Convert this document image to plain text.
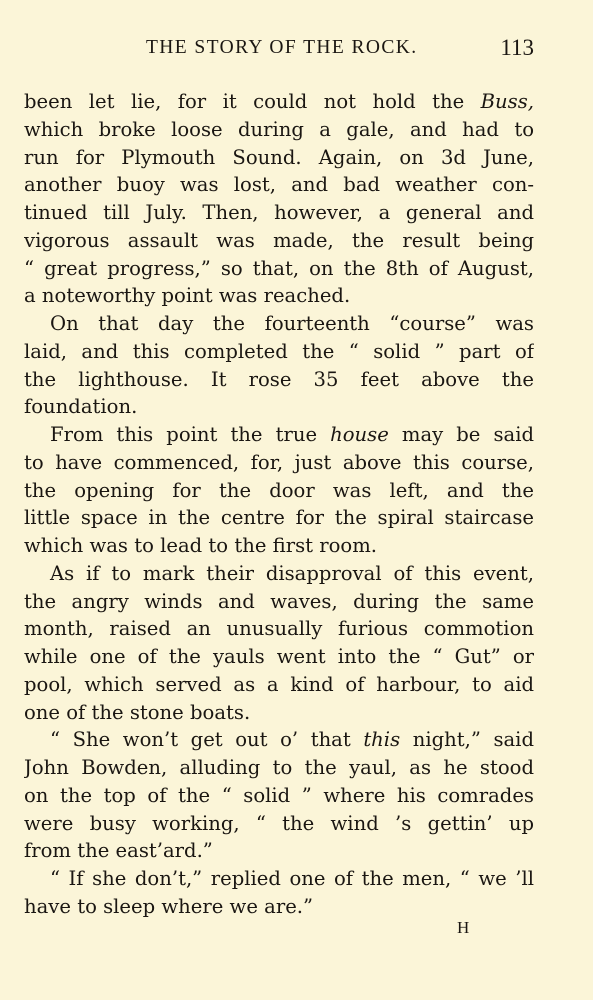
THE STORY OF THE ROCK.	113
been let lie, for it could not hold the Buss,
which broke loose during a gale, and had to
run for Plymouth Sound. Again, on 3d June,
another buoy was lost, and bad weather con-
tinued till July. Then, however, a general and
vigorous assault was made, the result being
“ great progress,” so that, on the 8th of August,
a noteworthy point was reached.
On that day the fourteenth “course” was
laid, and this completed the “ solid ” part of
the lighthouse. It rose 35 feet above the
foundation.
From this point the true house may be said
to have commenced, for, just above this course,
the opening for the door was left, and the
little space in the centre for the spiral staircase
which was to lead to the first room.
As if to mark their disapproval of this event,
the angry winds and waves, during the same
month, raised an unusually furious commotion
while one of the yauls went into the “ Gut” or
pool, which served as a kind of harbour, to aid
one of the stone boats.
“ She won’t get out o’ that this night,” said
John Bowden, alluding to the yaul, as he stood
on the top of the “ solid ” where his comrades
were busy working, “ the wind ’s gettin’ up
from the east’ard.”
“ If she don’t,” replied one of the men, “ we ’ll
have to sleep where we are.”
H
